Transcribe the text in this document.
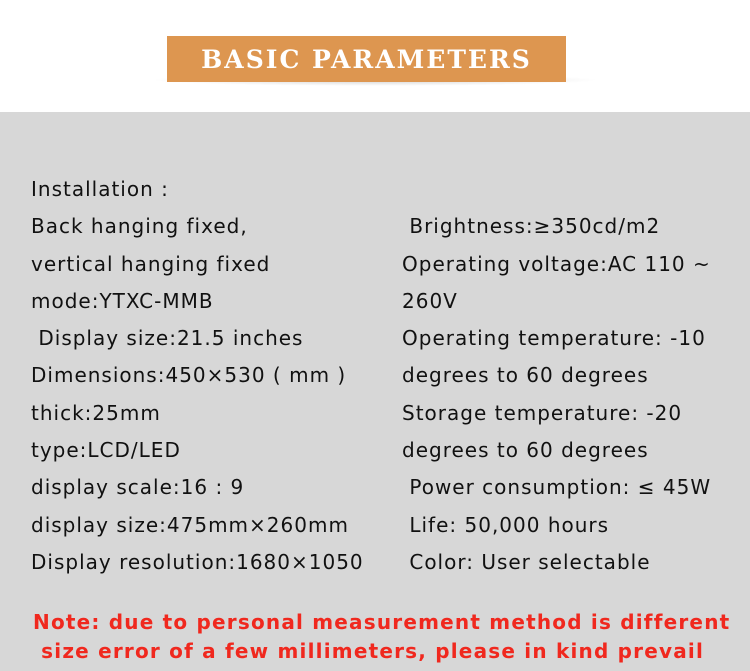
BASIC PARAMETERS
Installation :
Back hanging fixed,
vertical hanging fixed
mode:YTXC-MMB
Display size:21.5 inches
Dimensions:450×530 ( mm )
thick:25mm
type:LCD/LED
display scale:16 : 9
display size:475mm×260mm
Display resolution:1680×1050
Brightness:≥350cd/m2
Operating voltage:AC 110 ~
260V
Operating temperature: -10
degrees to 60 degrees
Storage temperature: -20
degrees to 60 degrees
Power consumption: ≤ 45W
Life: 50,000 hours
Color: User selectable
Note: due to personal measurement method is different
size error of a few millimeters, please in kind prevail
